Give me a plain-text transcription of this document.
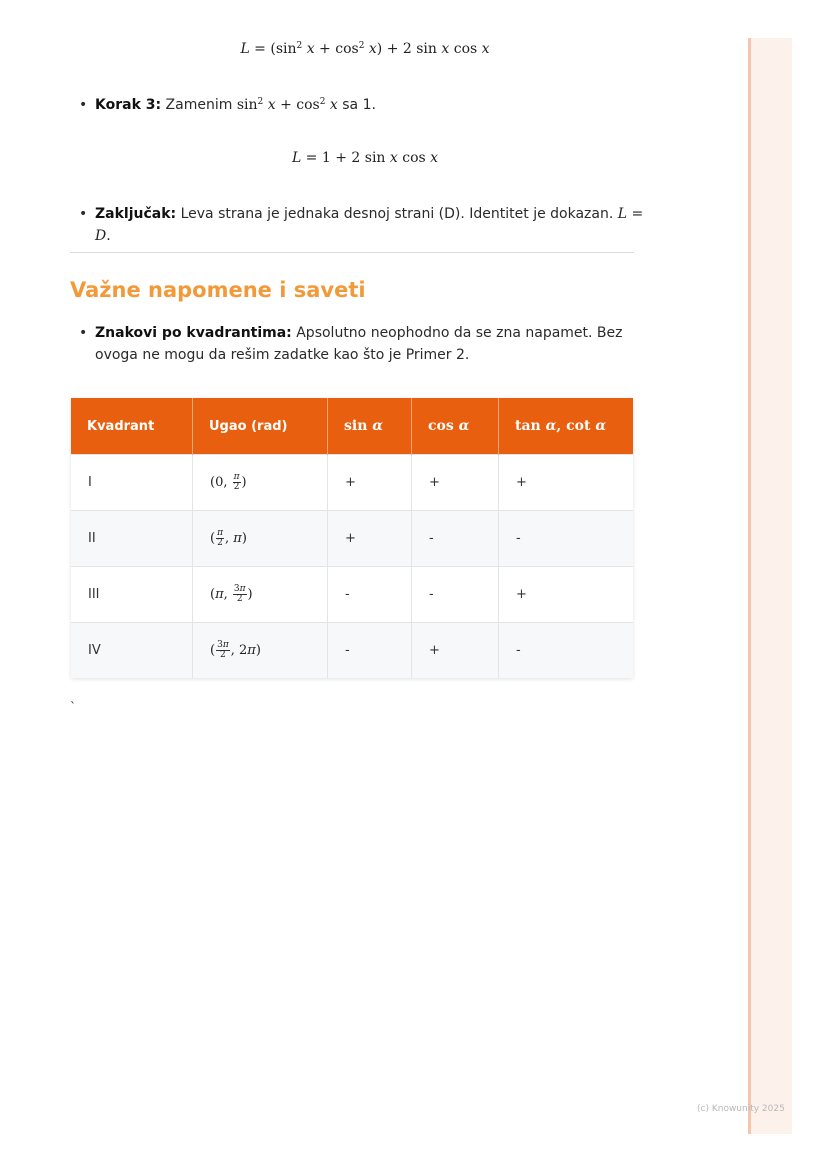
$L = (\sin^2$ $x + \cos^2 x) + 2$ sin x cos x
• Korak 3: Zamenim $\sin^2 x + \cos^2 x$ sa 1.
L = 1 + 2 sin x cos x
• Zaključak: Leva strana je jednaka desnoj strani (D). Identitet je dokazan. L = D.
Važne napomene i saveti
• Znakovi po kvadrantima: Apsolutno neophodno da se zna napamet. Bez ovoga ne mogu da rešim zadatke kao što je Primer 2.
Kvadrant	Ugao (rad)	sin α	cos α	tan α, cot α
I	(0, $\frac{\pi}{2}$ )	+	+	+
II	( $\frac{\pi}{2}$ , π)	+	-	-
III	(π, $\frac{3\pi}{2}$ )	-	-	+
IV	( $\frac{3\pi}{2}$ , 2π)	-	+	-
`
(c) Knowunity 2025
